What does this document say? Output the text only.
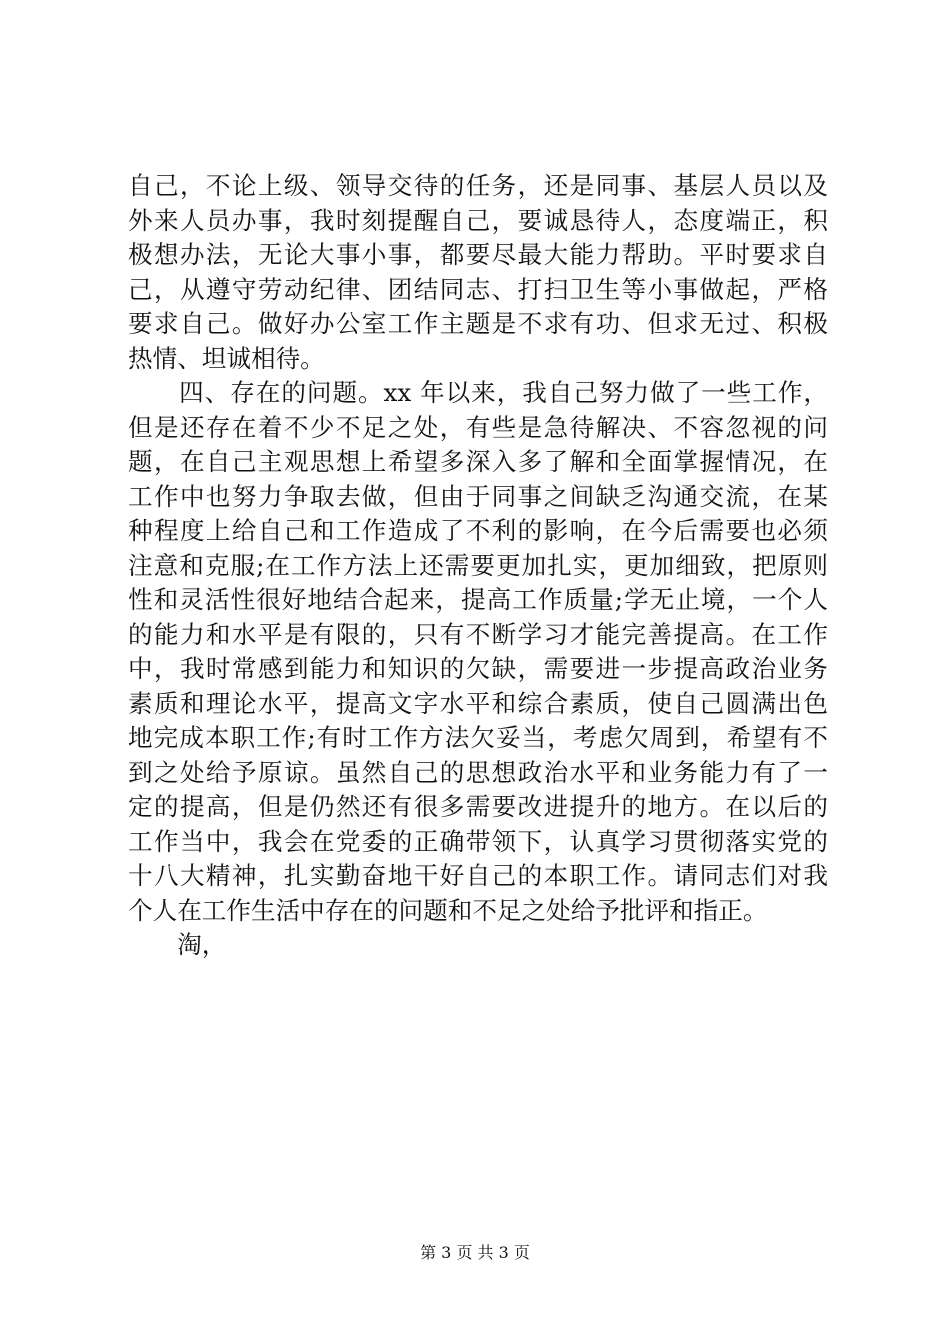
自己，不论上级、领导交待的任务，还是同事、基层人员以及
外来人员办事，我时刻提醒自己，要诚恳待人，态度端正，积
极想办法，无论大事小事，都要尽最大能力帮助。平时要求自
己，从遵守劳动纪律、团结同志、打扫卫生等小事做起，严格
要求自己。做好办公室工作主题是不求有功、但求无过、积极
热情、坦诚相待。
　　四、存在的问题。xx 年以来，我自己努力做了一些工作，
但是还存在着不少不足之处，有些是急待解决、不容忽视的问
题，在自己主观思想上希望多深入多了解和全面掌握情况，在
工作中也努力争取去做，但由于同事之间缺乏沟通交流，在某
种程度上给自己和工作造成了不利的影响，在今后需要也必须
注意和克服;在工作方法上还需要更加扎实，更加细致，把原则
性和灵活性很好地结合起来，提高工作质量;学无止境，一个人
的能力和水平是有限的，只有不断学习才能完善提高。在工作
中，我时常感到能力和知识的欠缺，需要进一步提高政治业务
素质和理论水平，提高文字水平和综合素质，使自己圆满出色
地完成本职工作;有时工作方法欠妥当，考虑欠周到，希望有不
到之处给予原谅。虽然自己的思想政治水平和业务能力有了一
定的提高，但是仍然还有很多需要改进提升的地方。在以后的
工作当中，我会在党委的正确带领下，认真学习贯彻落实党的
十八大精神，扎实勤奋地干好自己的本职工作。请同志们对我
个人在工作生活中存在的问题和不足之处给予批评和指正。
　　淘，
第 3 页 共 3 页
